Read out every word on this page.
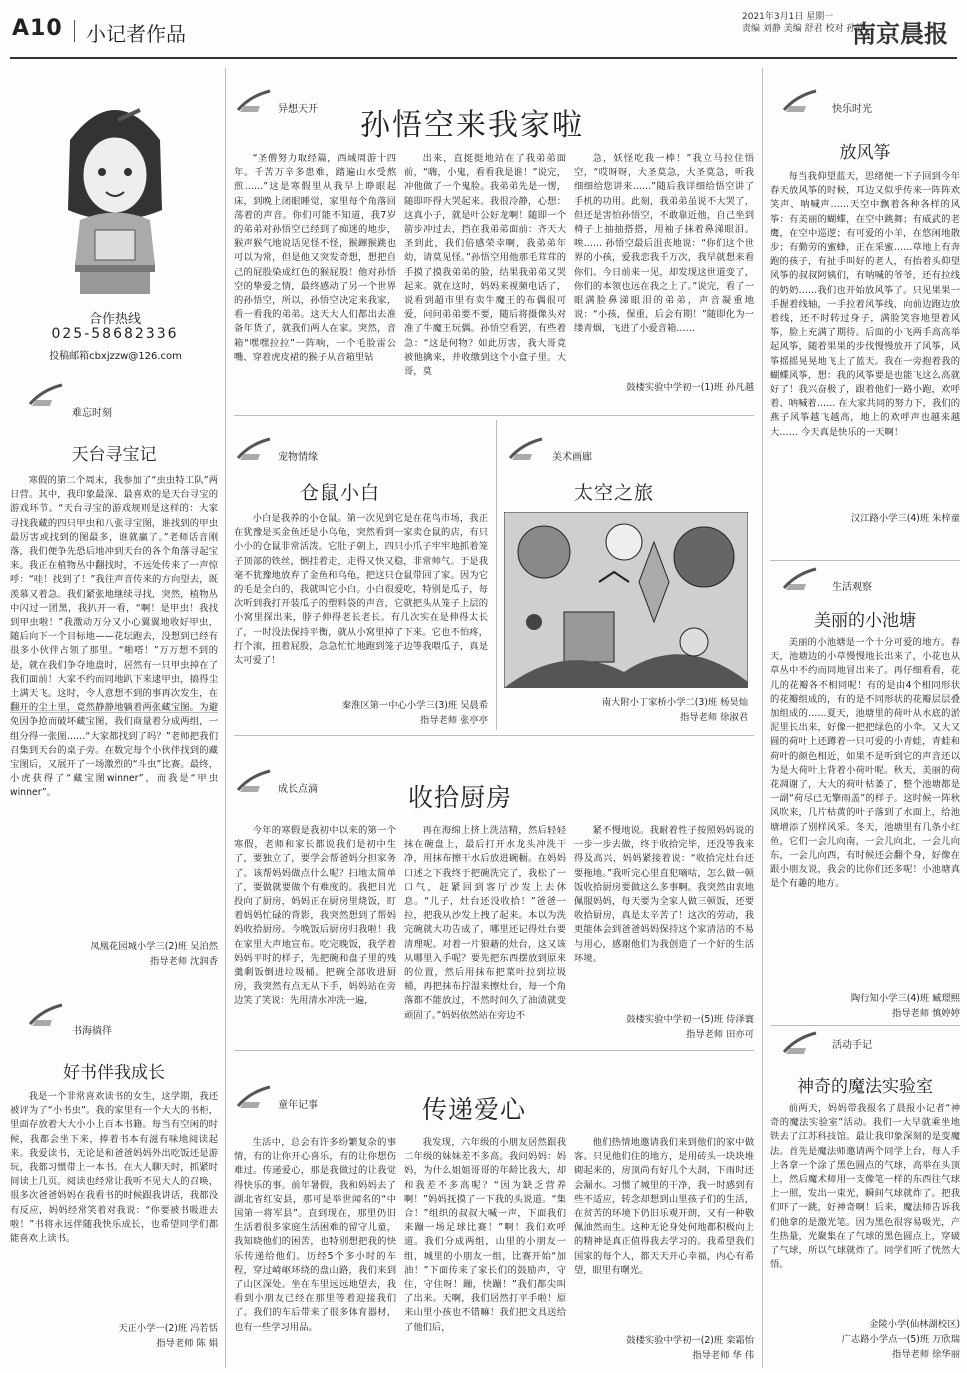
A10 小记者作品
2021年3月1日 星期一
责编 刘静 美编 舒君 校对 孙静
南京晨报
合作热线
025-58682336
投稿邮箱cbxjzzw@126.com
难忘时刻
天台寻宝记

寒假的第二个周末，我参加了“虫虫特工队”两日营。其中，我印象最深、最喜欢的是天台寻宝的游戏环节。“天台寻宝的游戏规则是这样的：大家寻找我藏的四只甲虫和八张寻宝图，谁找到的甲虫最厉害或找到的图最多，谁就赢了。”老师话音刚落，我们便争先恐后地冲到天台的各个角落寻起宝来。我正在植物丛中翻找时，不远处传来了一声惊呼：“哇！找到了！”我往声音传来的方向望去，既羡慕又着急。我们紧张地继续寻找，突然，植物丛中闪过一团黑，我扒开一看，“啊！是甲虫！我找到甲虫啦！”我激动万分又小心翼翼地收好甲虫，随后向下一个目标地——花坛跑去，没想到已经有很多小伙伴占领了那里。“啪嗒！”万万想不到的是，就在我们争夺地盘时，居然有一只甲虫掉在了我们面前！大家不约而同地趴下来逮甲虫，搞得尘土满天飞。这时，令人意想不到的事再次发生，在翻开的尘土里，竟然静静地躺着两张藏宝图。为避免因争抢而破坏藏宝图，我们商量着分成两组，一组分得一张图……“大家都找到了吗？”老师把我们召集到天台的桌子旁。在数完每个小伙伴找到的藏宝图后，又展开了一场激烈的“斗虫”比赛。最终，小虎获得了“藏宝图winner”，而我是“甲虫winner”。

凤凰花园城小学三(2)班 吴泊然
指导老师 沈润香
书海徜徉
好书伴我成长

我是一个非常喜欢读书的女生，这学期，我还被评为了“小书虫”。我的家里有一个大大的书柜，里面存放着大大小小上百本书籍。每当有空闲的时候，我都会坐下来，捧着书本有滋有味地阅读起来。我爱读书，无论是和爸爸妈妈外出吃饭还是游玩，我都习惯带上一本书。在大人聊天时，抓紧时间读上几页。阅读也经常让我听不见大人的召唤，很多次爸爸妈妈在我看书的时候跟我讲话，我都没有反应，妈妈经常笑着对我说：“你要被书吸进去啦！”书将永远伴随我快乐成长，也希望同学们都能喜欢上读书。

天正小学一(2)班 冯若恬
指导老师 陈 娟
异想天开 孙悟空来我家啦

“圣僧努力取经篇，西域周游十四年。千苦万辛多患难，踏遍山水受熬煎……”这是寒假里从我早上睁眼起床，到晚上闭眼睡觉，家里每个角落回荡着的声音。你们可能不知道，我7岁的弟弟对孙悟空已经到了痴迷的地步，猴声猴气地说话见怪不怪，猴蹿猴跳也可以为常，但是他又突发奇想，想把自己的屁股染成红色的猴屁股！他对孙悟空的挚爱之情，最终感动了另一个世界的孙悟空，所以，孙悟空决定来我家，看一看我的弟弟。这天大人们都出去准备年货了，就我们两人在家。突然，音箱“嘿嘿拉拉”一阵响，一个毛脸雷公嘴、穿着虎皮裙的猴子从音箱里钻

出来，直挺挺地站在了我弟弟面前，“嗨，小鬼，看看我是谁！”说完，冲他做了一个鬼脸。我弟弟先是一愣，随即吓得大哭起来。我很冷静，心想：这真小子，就是叶公好龙啊！随即一个箭步冲过去，挡在我弟弟面前：齐天大圣到此，我们倍感荣幸啊，我弟弟年幼，请莫见怪。”孙悟空用他那毛茸茸的手摸了摸我弟弟的脸，结果我弟弟又哭起来。就在这时，妈妈来视频电话了，说看到超市里有卖牛魔王的布偶很可爱，问问弟弟要不要，随后将摄像头对准了牛魔王玩偶。孙悟空看罢，有些着急：“这是何物？如此厉害，我大哥竟被他擒来，并收缴到这个小盒子里。大哥，莫

急，妖怪吃我一棒！”我立马拉住悟空，“哎呀呀，大圣莫急，大圣莫急，听我细细给您讲来……”随后我详细给悟空讲了手机的功用。此刻，我弟弟虽说不大哭了，但还是害怕孙悟空，不敢靠近他，自己坐到椅子上抽抽搭搭，用袖子抹着鼻涕眼泪。唉…… 孙悟空最后沮丧地说：“你们这个世界的小孩，爱我恋我千万次，我早就想来看你们。今日前来一见，却发现这世道变了，你们的本领也远在我之上了。”说完，看了一眼满脸鼻涕眼泪的弟弟，声音凝重地说：“小孩，保重，后会有期！”随即化为一缕青烟，飞进了小爱音箱……

鼓楼实验中学初一(1)班 孙凡越
宠物情缘
仓鼠小白

小白是我养的小仓鼠。第一次见到它是在花鸟市场，我正在犹豫是买金鱼还是小乌龟，突然看到一家卖仓鼠的店，有只小小的仓鼠非常活泼。它肚子朝上，四只小爪子牢牢地抓着笼子顶部的铁丝，倒挂着走，走得又快又稳，非常帅气。于是我毫不犹豫地放弃了金鱼和乌龟，把这只仓鼠带回了家。因为它的毛是全白的，我就叫它小白。小白很爱吃，特别是瓜子，每次听到我打开装瓜子的塑料袋的声音，它就把头从笼子上层的小窝里探出来，脖子伸得老长老长。有几次实在是伸得太长了，一时没法保持平衡，就从小窝里掉了下来。它也不怕疼，打个滚，扭着屁股，急急忙忙地跑到笼子边等我喂瓜子，真是太可爱了！

秦淮区第一中心小学三(3)班 吴晨希
指导老师 张亭亭
美术画廊
太空之旅
南大附小丁家桥小学二(3)班 杨昊灿
指导老师 徐淑君
成长点滴	收拾厨房

今年的寒假是我初中以来的第一个寒假，老师和家长都说我们是初中生了，要独立了，要学会帮爸妈分担家务了。该帮妈妈做点什么呢？扫地太简单了，要做就要做个有难度的。我把目光投向了厨房，妈妈正在厨房里烧饭，盯着妈妈忙碌的背影，我突然想到了帮妈妈收拾厨房。今晚饭后厨房归我啦！我在家里大声地宣布。吃完晚饭，我学着妈妈平时的样子，先把碗和盘子里的残羹剩饭倒进垃圾桶。把碗全部收进厨房，我突然有点无从下手，妈妈站在旁边笑了笑说：先用清水冲洗一遍，

再在海绵上挤上洗洁精，然后轻轻抹在碗盘上，最后打开水龙头冲洗干净，用抹布擦干水后放进碗橱。在妈妈口述之下我终于把碗洗完了，我松了一口气，赶紧回到客厅沙发上去休息。“儿子，灶台还没收拾！”爸爸一拉，把我从沙发上拽了起来。本以为洗完碗就大功告成了，哪里还记得灶台要清理呢。对着一片狼藉的灶台，这又该从哪里入手呢？要先把东西摆放到原来的位置，然后用抹布把菜叶拉到垃圾桶，再把抹布拧湿来擦灶台，每一个角落都不能放过，不然时间久了油渍就变顽固了。”妈妈依然站在旁边不

紧不慢地说。我耐着性子按照妈妈说的一步一步去做，终于收拾完毕，还没等我来得及高兴，妈妈紧接着说：“收拾完灶台还要拖地。”我听完心里直犯嘀咕，怎么做一顿饭收拾厨房要做这么多事啊。我突然由衷地佩服妈妈，每天要为全家人做三顿饭，还要收拾厨房，真是太辛苦了！这次的劳动，我更能体会到爸爸妈妈保持这个家清洁的不易与用心，感谢他们为我创造了一个好的生活环境。

鼓楼实验中学初一(5)班 侍泽寰
指导老师 田亦可
童年记事	传递爱心

生活中，总会有许多纷繁复杂的事情，有的让你开心喜乐，有的让你想伤难过。传递爱心，那是我做过的让我觉得快乐的事。前年暑假，我和妈妈去了湖北省红安县，那可是举世闻名的“中国第一将军县”。直到现在，那里仍旧生活着很多家庭生活困难的留守儿童，我知晓他们的困苦，也特别想把我的快乐传递给他们。历经5个多小时的车程，穿过崎岖环绕的盘山路，我们来到了山区深处。坐在车里远远地望去，我看到小朋友已经在那里等着迎接我们了。我们的车后带来了很多体育器材，也有一些学习用品。

我发现，六年级的小朋友居然跟我二年级的妹妹差不多高。我问妈妈：妈妈，为什么姐姐哥哥的年龄比我大，却和我差不多高呢？“因为缺乏营养啊！”妈妈抚摸了一下我的头说道。“集合！”组织的叔叔大喊一声，下面我们来蹦一场足球比赛！”啊！我们欢呼道。我们分成两组，山里的小朋友一组，城里的小朋友一组，比赛开始“加油！”下面传来了家长们的鼓励声，守住，守住呀！蹦，快蹦！”我们都尖叫了出来。天啊，我们居然打平手啦！原来山里小孩也不错嘛！我们把文具送给了他们后，

他们热情地邀请我们来到他们的家中做客。只见他们住的地方，是用砖头一块块堆砌起来的，房顶尚有好几个大洞，下雨时还会漏水。习惯了城里的干净，我一时感到有些不适应，转念却想到山里孩子们的生活，在贫苦的环境下仍旧乐观开朗，又有一种敬佩油然而生。这种无论身处何地都积极向上的精神是真正值得我去学习的。我希望我们国家的每个人，都天天开心幸福，内心有希望，眼里有曙光。

鼓楼实验中学初一(2)班 栾霜怡
指导老师 华 伟
快乐时光
放风筝

每当我仰望蓝天，思绪便一下子回到今年春天放风筝的时候，耳边又似乎传来一阵阵欢笑声、呐喊声……天空中飘着各种各样的风筝：有美丽的蝴蝶，在空中跳舞；有威武的老鹰，在空中巡逻；有可爱的小羊，在悠闲地散步；有勤劳的蜜蜂，正在采蜜……草地上有奔跑的孩子，有扯手叫好的老人，有抬着头仰望风筝的叔叔阿姨们，有呐喊的爷爷，还有拉线的奶奶……我们也开始放风筝了。只见果果一手握着线轴，一手拉着风筝线，向前边跑边放着线，还不时转过身子，满脸笑容地望着风筝，脸上充满了期待。后面的小飞两手高高举起风筝，随着果果的步伐慢慢放开了风筝，风筝摇摇晃晃地飞上了蓝天。我在一旁抱着我的蝴蝶风筝，想：我的风筝要是也能飞这么高就好了！我兴奋极了，跟着他们一路小跑，欢呼着、呐喊着…… 在大家共同的努力下，我们的燕子风筝越飞越高，地上的欢呼声也越来越大…… 今天真是快乐的一天啊！

汉江路小学三(4)班 朱梓童
生活观察
美丽的小池塘

美丽的小池塘是一个十分可爱的地方。春天，池塘边的小草慢慢地长出来了，小花也从草丛中不约而同地冒出来了。再仔细看看，花儿的花瓣各不相同呢！有的是由4个相同形状的花瓣组成的，有的是不同形状的花瓣层层叠加组成的……夏天，池塘里的荷叶从水底的淤泥里长出来，好像一把把绿色的小伞。又大又圆的荷叶上还蹲着一只可爱的小青蛙，青蛙和荷叶的颜色相近，如果不是听到它的声音还以为是大荷叶上背着小荷叶呢。秋天，美丽的荷花凋谢了，大大的荷叶枯萎了，整个池塘都是一副“荷尽已无擎雨盖”的样子。这时候一阵秋风吹来，几片枯黄的叶子落到了水面上，给池塘增添了别样风采。冬天，池塘里有几条小红鱼，它们一会儿向南，一会儿向北，一会儿向东，一会儿向西，有时候还会翻个身，好像在跟小朋友说，我会的比你们还多呢！小池塘真是个有趣的地方。

陶行知小学三(4)班 臧璟熙
指导老师 慎婷婷
活动手记
神奇的魔法实验室

前两天，妈妈带我报名了晨报小记者“神奇的魔法实验室”活动。我们一大早就乘坐地铁去了江苏科技馆。最让我印象深刻的是变魔法。首先是魔法师邀请两个同学上台，每人手上各拿一个涂了黑色圆点的气球，高举在头顶上，然后魔术师用一支像笔一样的东西往气球上一照，发出一束光，瞬间气球就炸了。把我们吓了一跳，好神奇啊！后来，魔法师告诉我们他拿的是激光笔。因为黑色很容易吸光，产生热量，光聚集在了气球的黑色圆点上，穿破了气球，所以气球就炸了。同学们听了恍然大悟。

金陵小学(仙林湖校区)
广志路小学点一(5)班 万欣瑞
指导老师 徐华丽
